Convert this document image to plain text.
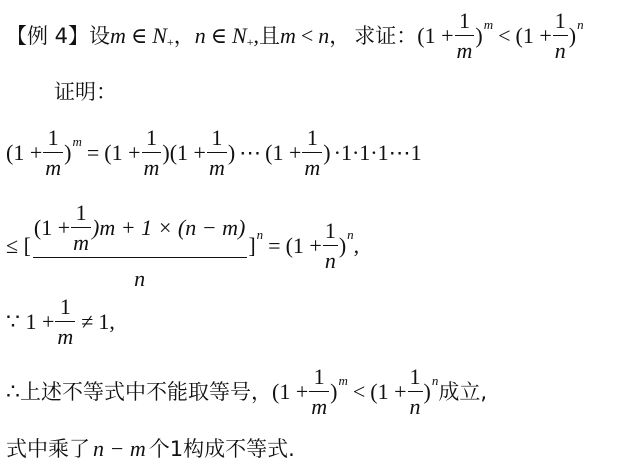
【例 4】 设 m ∈ N + ， n ∈ N + , 且 m < n ， 求证： ($1 + \frac{1}{m}$ ) $m < (1 + \frac{1}{n}$ ) n
证明：
($1 + \frac{1}{m}$ ) $m = (1 + \frac{1}{m}$ ) ($1 + \frac{1}{m}$ ) ⋯ ($1 + \frac{1}{m}$ ) ·1·1·1⋯1
≤ [
$(1 + \frac{1}{m} )m + 1 \times (n - m)$
n
] $n = (1 + \frac{1}{n}$ ) n ,
∵ $1 + \frac{1}{m} \ne 1$ ,
∴ 上述不等式中不能取等号， ($1 + \frac{1}{m}$ ) $m < (1 + \frac{1}{n}$ ) n 成立,
式中乘了 n − m 个1构成不等式.
